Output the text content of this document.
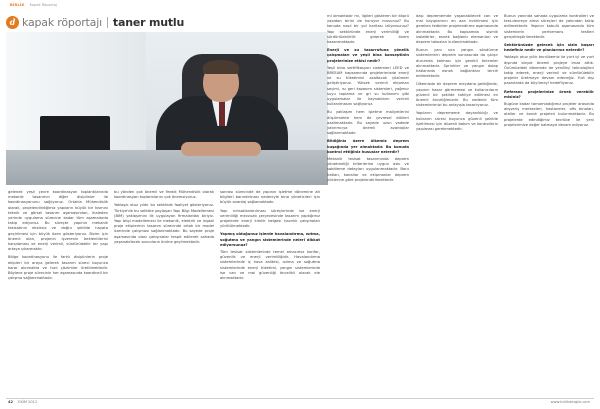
BİRLİK Kapak Röportaj
d kapak röportajı taner mutlu

gelenek yeşil çevre koordinasyon toplantılarında mekanik tasarımın diğer disiplinler ile koordinasyonunu sağlıyoruz. Ortakla Mühendislik olarak, projelendirdiğimiz yapıların büyük bir kısmını teknik ve görsel tasarım aşamasından, ihaleden yerinde uygulama sürecine kadar tüm aşamalarda takip ediyoruz. Bu süreçte yapının mekanik tesisatının eksiksiz ve doğru şekilde hayata geçirilmesi için büyük özen gösteriyoruz. Bizim için önemli olan, projenin işverenin beklentilerini karşılaması ve enerji verimli, sürdürülebilir bir yapı ortaya çıkarmaktır.

Bölge koordinasyonu ile farklı disiplinlerin proje ekipleri bir araya gelerek tasarım süreci boyunca karar alınmakta ve hızlı çözümler üretilmektedir. Böylece proje sürecinin her aşamasında koordineli bir çalışma sağlanmaktadır.

bu yönden çok önemli ve Yardık Mühendislik olarak koordinasyon toplantılarını çok önemsiyoruz.

Yaklaşık otuz yıldır bu sektörde faaliyet gösteriyoruz. Türkiye'de bu sektöre paylaşan Yapı Bilgi Modellemesi (BIM) yaklaşımını ilk uygulayan firmalardan biriyiz. Yapı bilgi modellemesi ile mekanik, elektrik ve inşaat proje ekiplerinin tasarım sürecinde ortak bir model üzerinde çalışması sağlanmaktadır. Bu sayede proje aşamasında olası çakışmalar tespit edilerek sahada yaşanabilecek sorunların önüne geçilmektedir.

sonrası sürecinde de yapının işletme dönemine ait bilgileri barındırması nedeniyle bina yöneticileri için büyük avantaj sağlamaktadır.

Yapı ruhsatlandırılması süreçlerinde ise enerji verimliliği mevzuatı çerçevesinde tasarım yaptığımız projelerde enerji kimlik belgesi hazırlık çalışmaları yürütülmektedir.

Yapmış olduğunuz işlerde havalandırma, ısıtma, soğutma ve yangın sistemlerinde neleri dikkat ediyorsunuz?

Tüm tesisat sistemlerinde temel amacımız konfor, güvenlik ve enerji verimliliğidir. Havalandırma sistemlerinde iç hava kalitesi, ısıtma ve soğutma sistemlerinde enerji tüketimi, yangın sistemlerinde ise can ve mal güvenliği öncelikli olarak ele alınmaktadır.

mi olmaktadır mı, ilgileri gösteren bir köprü yapıdan birini de kuruyor musunuz? Bu konuda nasıl bir yol haritası izliyorsunuz? Yapı sektöründe enerji verimliliği ve sürdürülebilirlik giderek önem kazanmaktadır.

Enerji ve su tasarrufuna yönelik çalışmaları ve yeşil bina konseptinin projelerinize etkisi nedir?

Yeşil bina sertifikasyon sistemleri LEED ve BREEAM kapsamında projelerimizde enerji ve su tüketimini azaltacak çözümler geliştiriyoruz. Yüksek verimli ekipman seçimi, ısı geri kazanım sistemleri, yağmur suyu toplama ve gri su kullanımı gibi uygulamalar ile kaynakların verimli kullanılmasını sağlıyoruz.

Bu yaklaşım hem işletme maliyetlerini düşürmekte hem de çevresel etkileri azaltmaktadır. Bu sayede uzun vadede yatırımcıya önemli avantajlar sağlanmaktadır.

Bildiğiniz üzere ülkemiz deprem kuşağında yer almaktadır. Bu konuda kontrol ettiğiniz hususlar nelerdir?

Mekanik tesisat tasarımında deprem yönetmeliği kriterlerine uygun askı ve sabitleme detayları uygulanmaktadır. Boru hatları, kanallar ve ekipmanlar deprem yüklerine göre projelendirilmektedir.

daşı deprememde yaşanabilecek can ve mal kayıplarının en aza indirilmesi için gereken tedbirler projelendirme aşamasında alınmaktadır. Bu kapsamda sismik izolatörler, esnek bağlantı elemanları ve deprem takozları kullanılmaktadır.

Bunun yanı sıra yangın söndürme sistemlerinin deprem sonrasında da çalışır durumda kalması için gerekli önlemler alınmaktadır. Sprinkler ve yangın dolap hatlarında esnek bağlantılar tercih edilmektedir.

Ülkemizde bir deprem meydana geldiğinde, yapının hasar görmemesi ve kullanıcıların güvenli bir şekilde tahliye edilmesi en önemli önceliğimizdir. Bu nedenle tüm sistemlerimizi bu anlayışla tasarlıyoruz.

Yapıların deprememe dayanıklılığı ve kullanım süresi boyunca güvenli şekilde işletilmesi için düzenli bakım ve kontrollerin yapılması gerekmektedir.

Bunun yanında sahada uygulama kontrolleri ve test-devreye alma süreçleri de yakından takip edilmektedir. Yapının kabulü aşamasında tüm sistemlerin performans testleri gerçekleştirilmektedir.

Sektörünüzde gelecek için sizin başarı hedefiniz nedir ve planlarınız nelerdir?

Yaklaşık otuz yıllık tecrübemiz ile yurt içi ve yurt dışında birçok önemli projeye imza attık. Önümüzdeki dönemde de yenilikçi teknolojileri takip ederek, enerji verimli ve sürdürülebilir projeler üretmeye devam edeceğiz. Yurt dışı pazarlarda da büyümeyi hedefliyoruz.

Referans projelerinize örnek verebilir misiniz?

Bugüne kadar tamamladığımız projeler arasında alışveriş merkezleri, hastaneler, ofis binaları, oteller ve konut projeleri bulunmaktadır. Bu projelerde edindiğimiz tecrübe ile yeni projelerimize değer katmaya devam ediyoruz.

42 EKİM 2012	www.birlikdergisi.com
